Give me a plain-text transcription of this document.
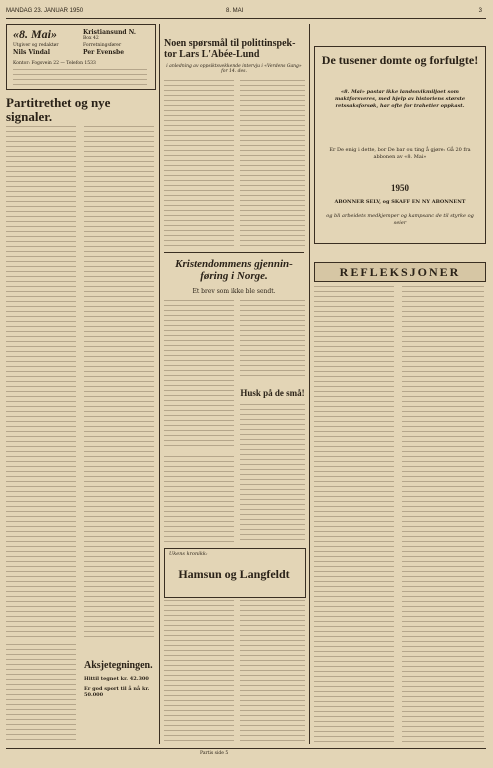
MANDAG 23. JANUAR 1950	8. MAI	3
«8. Mai»
Utgiver og redaktør
Nils Vindal
Kristiansund N.
Box 42
Forretningsfører
Per Evensbe
Kontor: Fogsvein 22 — Telefon 1533
Partitrethet og nye signaler.
Aksjetegningen.
Hittil tegnet kr. 42.300
Er god sport til å nå kr. 50.000
Noen spørsmål til polittinspektor Lars L'Abée-Lund
i anledning av oppsiktsvekkende intervju i «Verdens Gang» for 14. des.
Kristendommens gjenninføring i Norge.
Et brev som ikke ble sendt.
Husk på de små!
Ukens kronikk:
Hamsun og Langfeldt
De tusener domte og forfulgte!
«8. Mai» pastar ikke landssvikmiljoet som maktforsveres, med hjelp av historiens største retssaksforsøk, har ofte for trahetier oppkast.
Er De enig i dette, bor De bar ou ting å gjøre: Gå 20 fra abbonen av «8. Mai»
1950
ABONNER SELV, og SKAFF EN NY ABONNENT
og bli arbeidets medkjemper og kampsanc de til styrke og seier
REFLEKSJONER
Partis side 5
